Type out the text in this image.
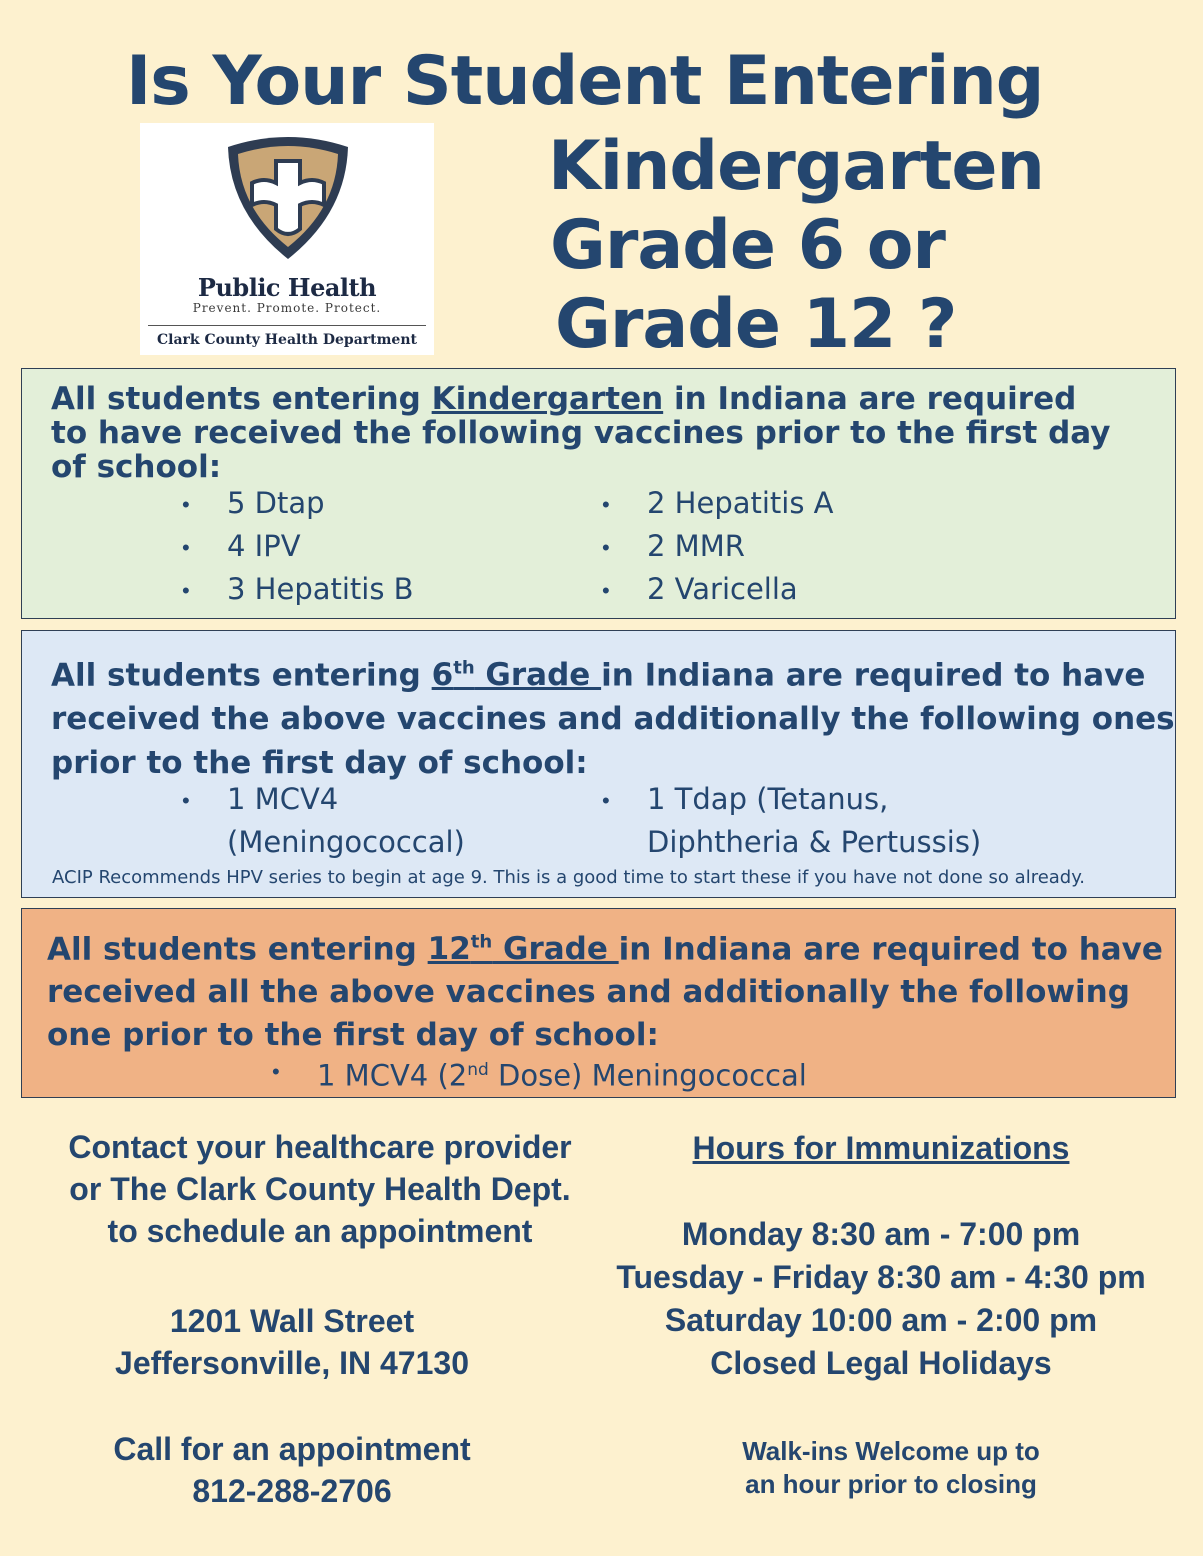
Is Your Student Entering
Kindergarten
Grade 6 or
Grade 12 ?
Public Health
Prevent. Promote. Protect.
Clark County Health Department
All students entering Kindergarten in Indiana are required
to have received the following vaccines prior to the first day
of school:
• 5 Dtap
• 4 IPV
• 3 Hepatitis B
• 2 Hepatitis A
• 2 MMR
• 2 Varicella
All students entering 6th Grade in Indiana are required to have
received the above vaccines and additionally the following ones
prior to the first day of school:
• 1 MCV4
(Meningococcal)
• 1 Tdap (Tetanus,
Diphtheria & Pertussis)
ACIP Recommends HPV series to begin at age 9. This is a good time to start these if you have not done so already.
All students entering 12th Grade in Indiana are required to have
received all the above vaccines and additionally the following
one prior to the first day of school:
• 1 MCV4 (2nd Dose) Meningococcal
Contact your healthcare provider
or The Clark County Health Dept.
to schedule an appointment
1201 Wall Street
Jeffersonville, IN 47130
Call for an appointment
812-288-2706
Hours for Immunizations
Monday 8:30 am - 7:00 pm
Tuesday - Friday 8:30 am - 4:30 pm
Saturday 10:00 am - 2:00 pm
Closed Legal Holidays
Walk-ins Welcome up to
an hour prior to closing
